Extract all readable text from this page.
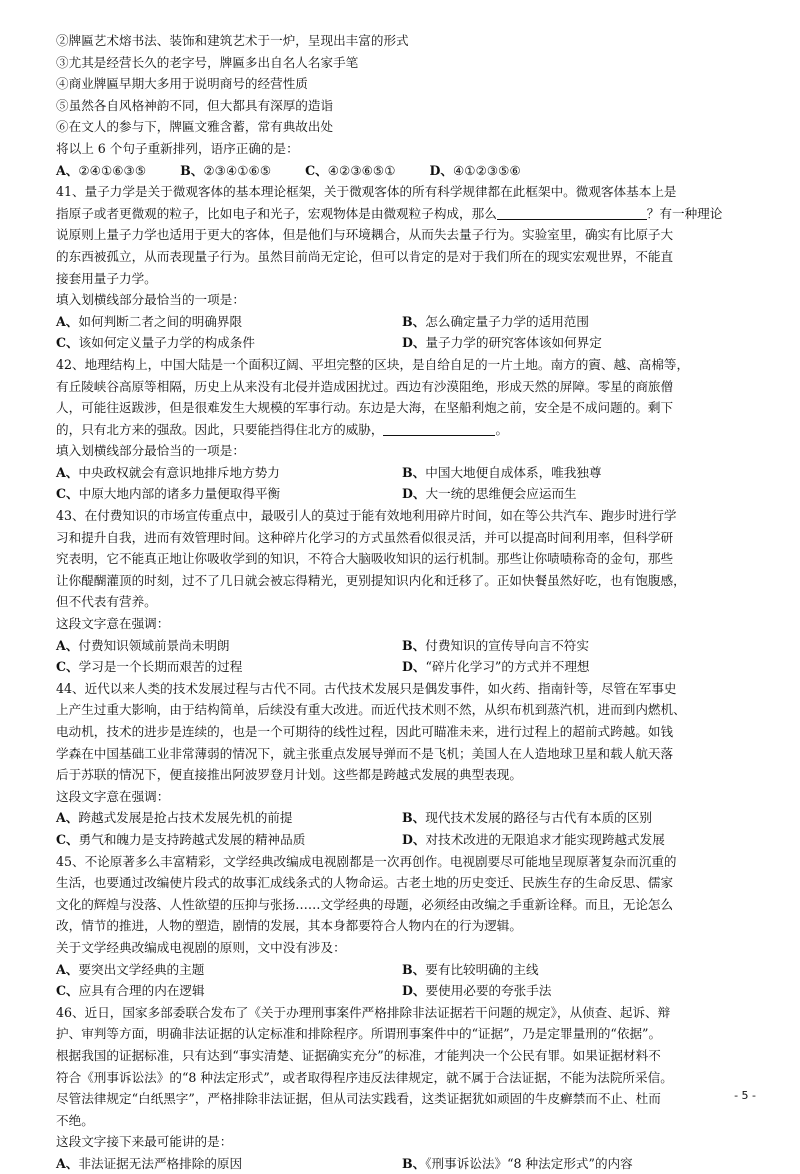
②牌匾艺术熔书法、装饰和建筑艺术于一炉，呈现出丰富的形式
③尤其是经营长久的老字号，牌匾多出自名人名家手笔
④商业牌匾早期大多用于说明商号的经营性质
⑤虽然各自风格神韵不同，但大都具有深厚的造诣
⑥在文人的参与下，牌匾文雅含蓄，常有典故出处
将以上 6 个句子重新排列，语序正确的是：
A、②④①⑥③⑤	B、②③④①⑥⑤	C、④②③⑥⑤①	D、④①②③⑤⑥
41、量子力学是关于微观客体的基本理论框架，关于微观客体的所有科学规律都在此框架中。微观客体基本上是
指原子或者更微观的粒子，比如电子和光子，宏观物体是由微观粒子构成，那么	？有一种理论
说原则上量子力学也适用于更大的客体，但是他们与环境耦合，从而失去量子行为。实验室里，确实有比原子大
的东西被孤立，从而表现量子行为。虽然目前尚无定论，但可以肯定的是对于我们所在的现实宏观世界，不能直
接套用量子力学。
填入划横线部分最恰当的一项是：
A、如何判断二者之间的明确界限	B、怎么确定量子力学的适用范围
C、该如何定义量子力学的构成条件	D、量子力学的研究客体该如何界定
42、地理结构上，中国大陆是一个面积辽阔、平坦完整的区块，是自给自足的一片土地。南方的賨、越、高棉等，
有丘陵峡谷高原等相隔，历史上从来没有北侵并造成困扰过。西边有沙漠阻绝，形成天然的屏障。零星的商旅僧
人，可能往返跋涉，但是很难发生大规模的军事行动。东边是大海，在坚船利炮之前，安全是不成问题的。剩下
的，只有北方来的强敌。因此，只要能挡得住北方的威胁，	。
填入划横线部分最恰当的一项是：
A、中央政权就会有意识地排斥地方势力	B、中国大地便自成体系，唯我独尊
C、中原大地内部的诸多力量便取得平衡	D、大一统的思维便会应运而生
43、在付费知识的市场宣传重点中，最吸引人的莫过于能有效地利用碎片时间，如在等公共汽车、跑步时进行学
习和提升自我，进而有效管理时间。这种碎片化学习的方式虽然看似很灵活，并可以提高时间利用率，但科学研
究表明，它不能真正地让你吸收学到的知识，不符合大脑吸收知识的运行机制。那些让你啧啧称奇的金句，那些
让你醍醐灌顶的时刻，过不了几日就会被忘得精光，更别提知识内化和迁移了。正如快餐虽然好吃，也有饱腹感，
但不代表有营养。
这段文字意在强调：
A、付费知识领域前景尚未明朗	B、付费知识的宣传导向言不符实
C、学习是一个长期而艰苦的过程	D、“碎片化学习”的方式并不理想
44、近代以来人类的技术发展过程与古代不同。古代技术发展只是偶发事件，如火药、指南针等，尽管在军事史
上产生过重大影响，由于结构简单，后续没有重大改进。而近代技术则不然，从织布机到蒸汽机，进而到内燃机、
电动机，技术的进步是连续的，也是一个可期待的线性过程，因此可瞄准未来，进行过程上的超前式跨越。如钱
学森在中国基础工业非常薄弱的情况下，就主张重点发展导弹而不是飞机；美国人在人造地球卫星和载人航天落
后于苏联的情况下，便直接推出阿波罗登月计划。这些都是跨越式发展的典型表现。
这段文字意在强调：
A、跨越式发展是抢占技术发展先机的前提	B、现代技术发展的路径与古代有本质的区别
C、勇气和魄力是支持跨越式发展的精神品质	D、对技术改进的无限追求才能实现跨越式发展
45、不论原著多么丰富精彩，文学经典改编成电视剧都是一次再创作。电视剧要尽可能地呈现原著复杂而沉重的
生活，也要通过改编使片段式的故事汇成线条式的人物命运。古老土地的历史变迁、民族生存的生命反思、儒家
文化的辉煌与没落、人性欲望的压抑与张扬……文学经典的母题，必须经由改编之手重新诠释。而且，无论怎么
改，情节的推进，人物的塑造，剧情的发展，其本身都要符合人物内在的行为逻辑。
关于文学经典改编成电视剧的原则，文中没有涉及：
A、要突出文学经典的主题	B、要有比较明确的主线
C、应具有合理的内在逻辑	D、要使用必要的夸张手法
46、近日，国家多部委联合发布了《关于办理刑事案件严格排除非法证据若干问题的规定》，从侦查、起诉、辩
护、审判等方面，明确非法证据的认定标准和排除程序。所谓刑事案件中的“证据”，乃是定罪量刑的“依据”。
根据我国的证据标准，只有达到“事实清楚、证据确实充分”的标准，才能判决一个公民有罪。如果证据材料不
符合《刑事诉讼法》的“8 种法定形式”，或者取得程序违反法律规定，就不属于合法证据，不能为法院所采信。
尽管法律规定“白纸黑字”，严格排除非法证据，但从司法实践看，这类证据犹如顽固的牛皮癣禁而不止、杜而
不绝。
这段文字接下来最可能讲的是：
A、非法证据无法严格排除的原因	B、《刑事诉讼法》“8 种法定形式”的内容
- 5 -
